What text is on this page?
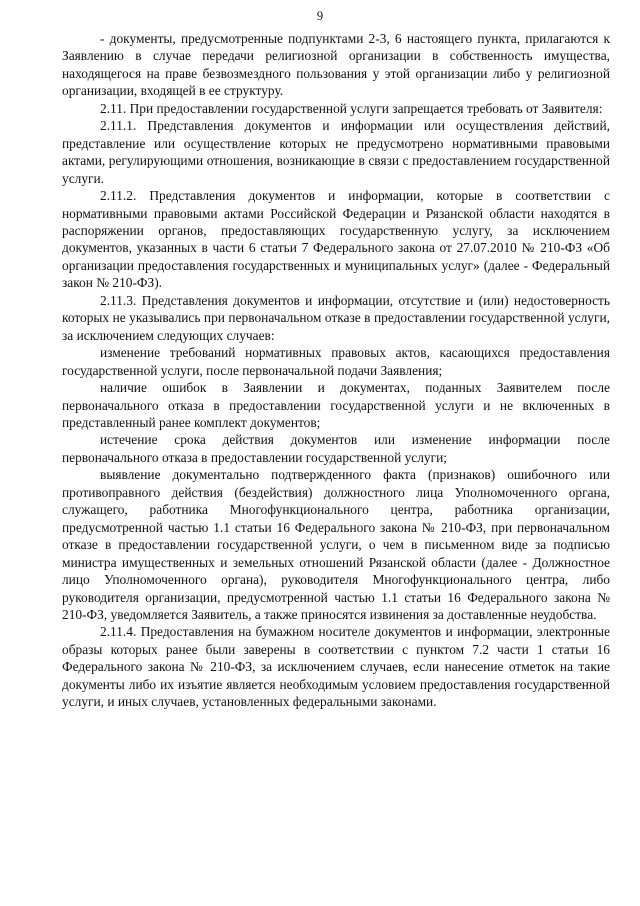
9

- документы, предусмотренные подпунктами 2-3, 6 настоящего пункта, прилагаются к Заявлению в случае передачи религиозной организации в собственность имущества, находящегося на праве безвозмездного пользования у этой организации либо у религиозной организации, входящей в ее структуру.

2.11. При предоставлении государственной услуги запрещается требовать от Заявителя:

2.11.1. Представления документов и информации или осуществления действий, представление или осуществление которых не предусмотрено нормативными правовыми актами, регулирующими отношения, возникающие в связи с предоставлением государственной услуги.

2.11.2. Представления документов и информации, которые в соответствии с нормативными правовыми актами Российской Федерации и Рязанской области находятся в распоряжении органов, предоставляющих государственную услугу, за исключением документов, указанных в части 6 статьи 7 Федерального закона от 27.07.2010 № 210-ФЗ «Об организации предоставления государственных и муниципальных услуг» (далее - Федеральный закон № 210-ФЗ).

2.11.3. Представления документов и информации, отсутствие и (или) недостоверность которых не указывались при первоначальном отказе в предоставлении государственной услуги, за исключением следующих случаев:

изменение требований нормативных правовых актов, касающихся предоставления государственной услуги, после первоначальной подачи Заявления;

наличие ошибок в Заявлении и документах, поданных Заявителем после первоначального отказа в предоставлении государственной услуги и не включенных в представленный ранее комплект документов;

истечение срока действия документов или изменение информации после первоначального отказа в предоставлении государственной услуги;

выявление документально подтвержденного факта (признаков) ошибочного или противоправного действия (бездействия) должностного лица Уполномоченного органа, служащего, работника Многофункционального центра, работника организации, предусмотренной частью 1.1 статьи 16 Федерального закона № 210-ФЗ, при первоначальном отказе в предоставлении государственной услуги, о чем в письменном виде за подписью министра имущественных и земельных отношений Рязанской области (далее - Должностное лицо Уполномоченного органа), руководителя Многофункционального центра, либо руководителя организации, предусмотренной частью 1.1 статьи 16 Федерального закона № 210-ФЗ, уведомляется Заявитель, а также приносятся извинения за доставленные неудобства.

2.11.4. Предоставления на бумажном носителе документов и информации, электронные образы которых ранее были заверены в соответствии с пунктом 7.2 части 1 статьи 16 Федерального закона № 210-ФЗ, за исключением случаев, если нанесение отметок на такие документы либо их изъятие является необходимым условием предоставления государственной услуги, и иных случаев, установленных федеральными законами.
